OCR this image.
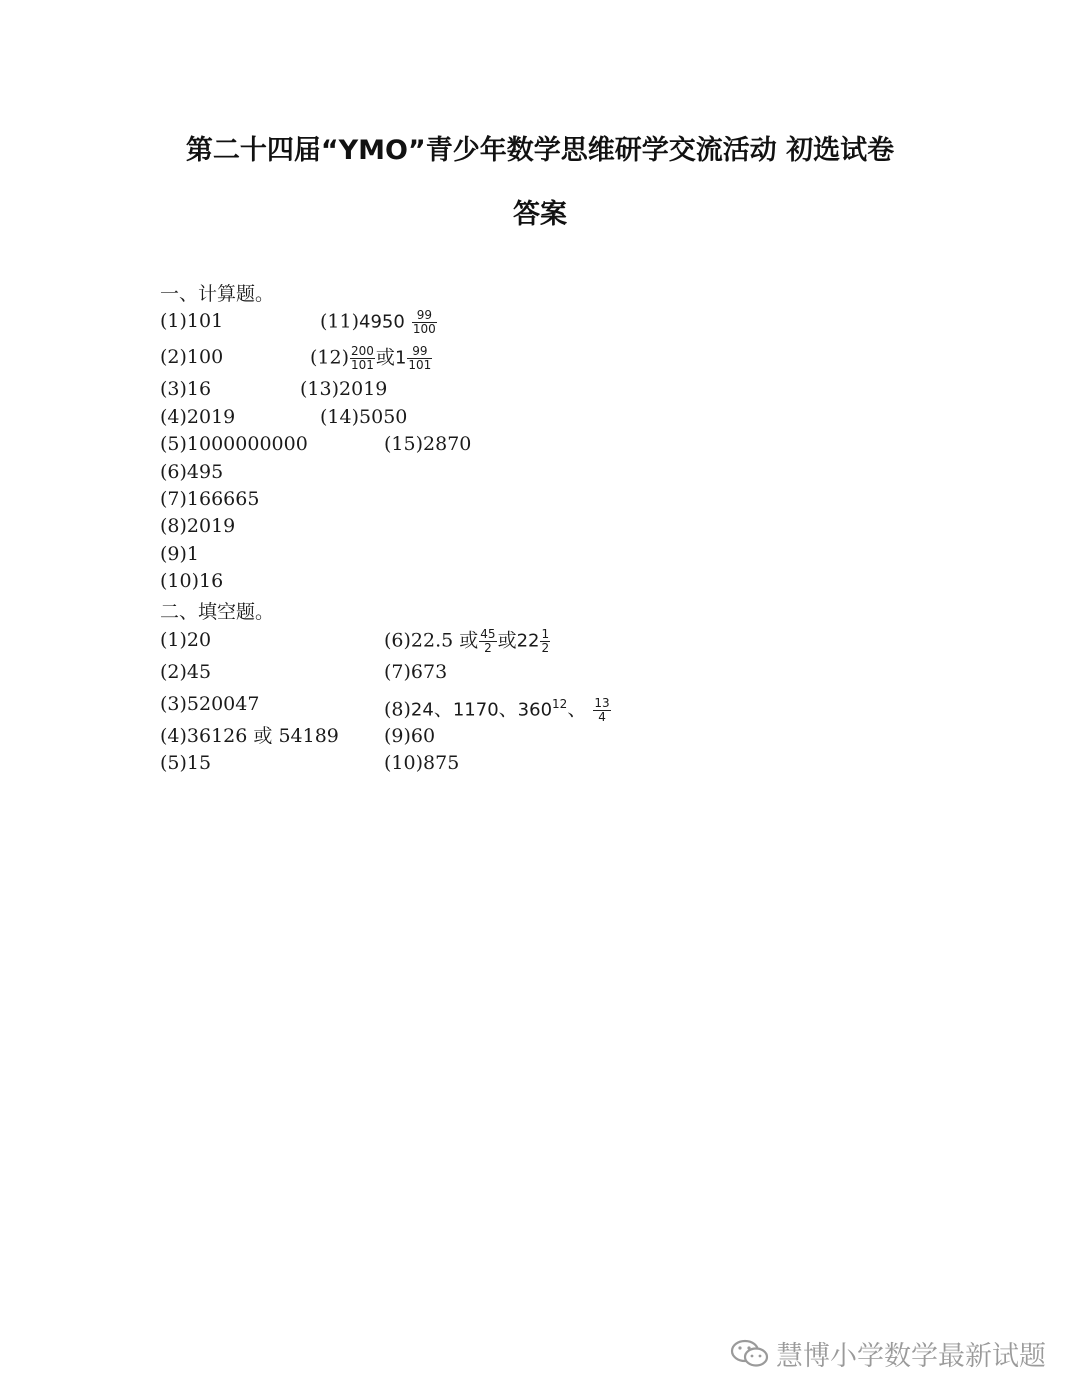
第二十四届“YMO”青少年数学思维研学交流活动 初选试卷
答案
一、计算题。
(1)101
(2)100
(3)16
(4)2019
(5)1000000000
(6)495
(7)166665
(8)2019
(9)1
(10)16
$(11)4950 \frac{99}{100}$
$(12) \frac{200}{101}$ 或$1 \frac{99}{101}$
(13)2019
(14)5050
(15)2870
二、填空题。
(1)20
(2)45
(3)520047
(4)36126 或 54189
(5)15
(6)22.5 或 $\frac{45}{2}$ 或$22 \frac{1}{2}$
(7)673
(8)24、1170、$360^{12}$、 $\frac{13}{4}$
(9)60
(10)875
慧博小学数学最新试题
